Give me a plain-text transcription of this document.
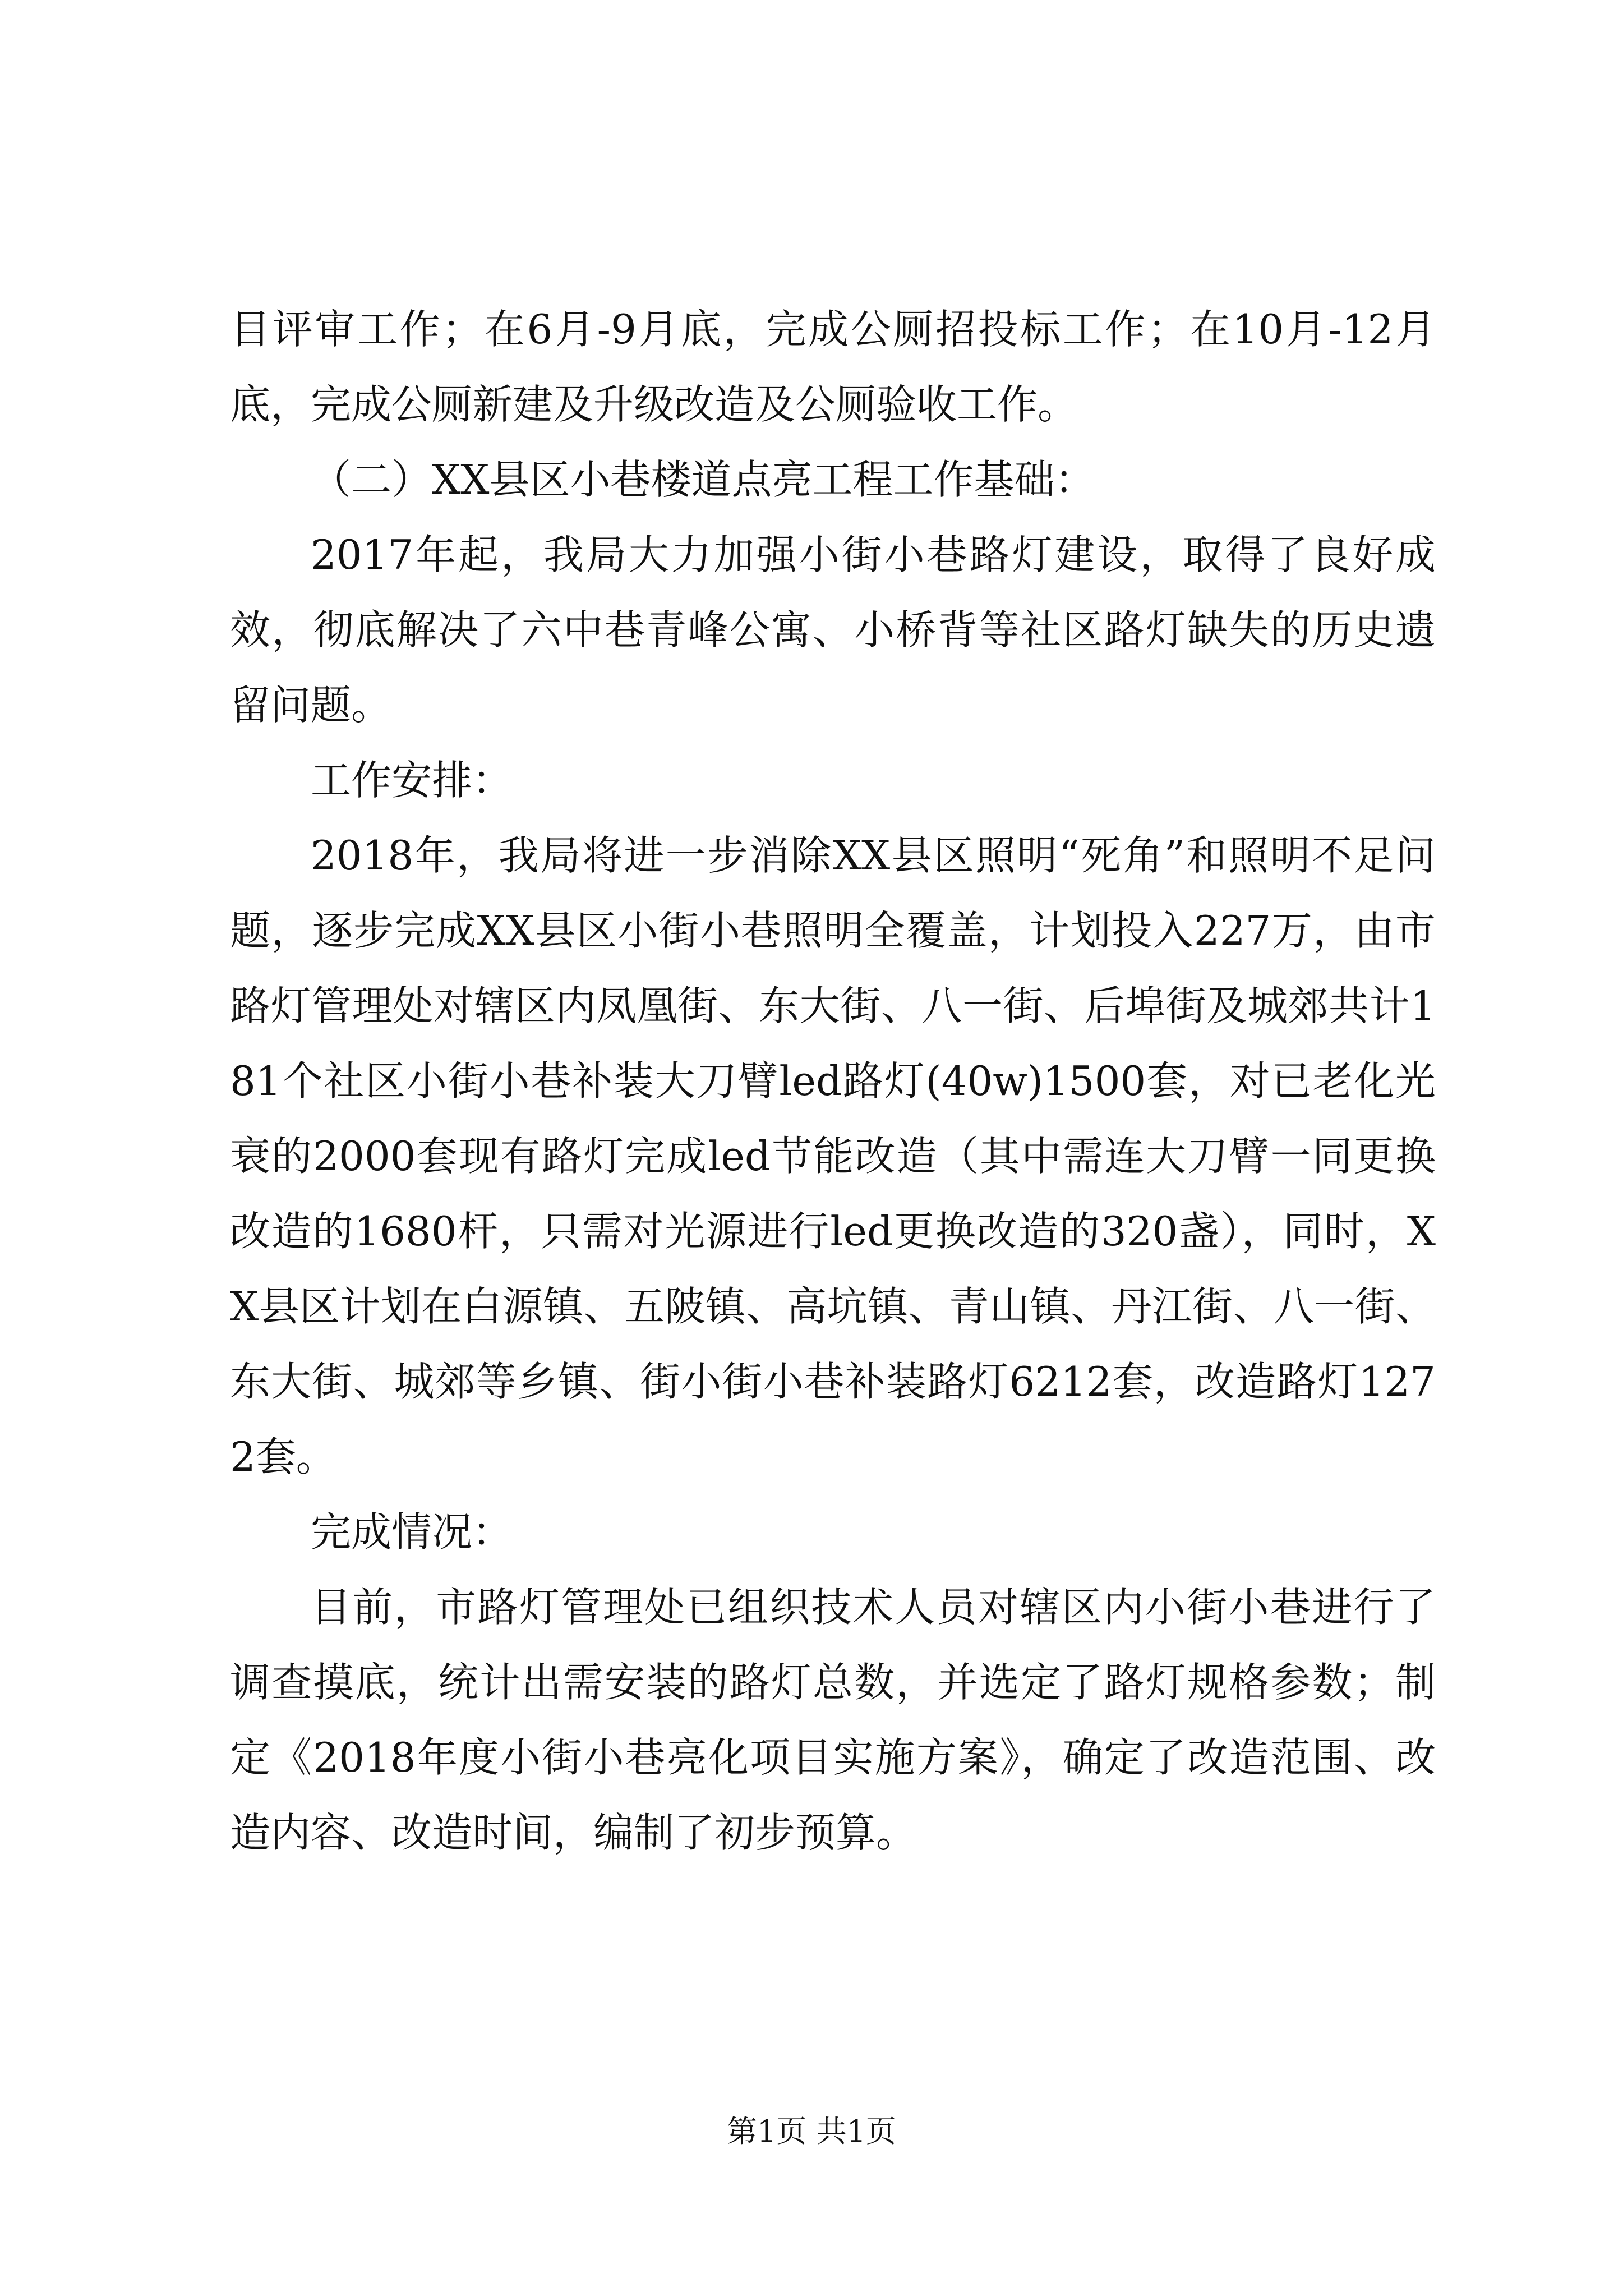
目评审工作；在6月-9月底，完成公厕招投标工作；在10月-12月底，完成公厕新建及升级改造及公厕验收工作。

（二）XX县区小巷楼道点亮工程工作基础：

2017年起，我局大力加强小街小巷路灯建设，取得了良好成效，彻底解决了六中巷青峰公寓、小桥背等社区路灯缺失的历史遗留问题。

工作安排：

2018年，我局将进一步消除XX县区照明“死角”和照明不足问题，逐步完成XX县区小街小巷照明全覆盖，计划投入227万，由市路灯管理处对辖区内凤凰街、东大街、八一街、后埠街及城郊共计181个社区小街小巷补装大刀臂led路灯(40w)1500套，对已老化光衰的2000套现有路灯完成led节能改造（其中需连大刀臂一同更换改造的1680杆，只需对光源进行led更换改造的320盏），同时，XX县区计划在白源镇、五陂镇、高坑镇、青山镇、丹江街、八一街、东大街、城郊等乡镇、街小街小巷补装路灯6212套，改造路灯1272套。

完成情况：

目前，市路灯管理处已组织技术人员对辖区内小街小巷进行了调查摸底，统计出需安装的路灯总数，并选定了路灯规格参数；制定《2018年度小街小巷亮化项目实施方案》，确定了改造范围、改造内容、改造时间，编制了初步预算。

第1页 共1页
